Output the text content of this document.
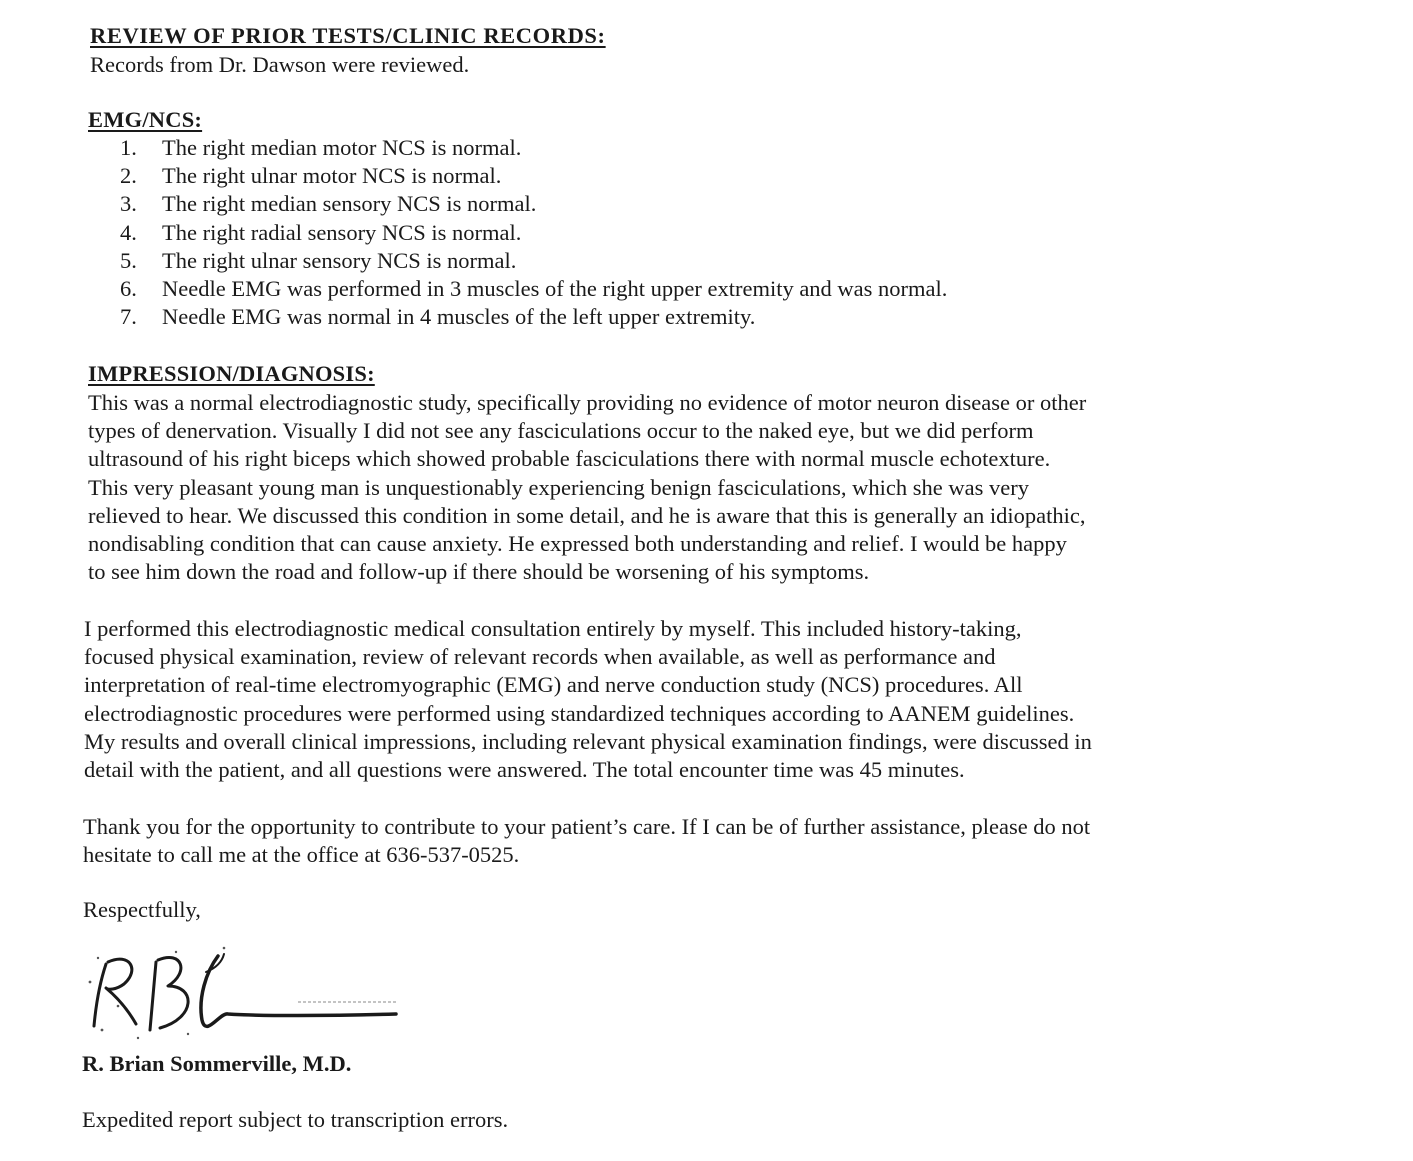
REVIEW OF PRIOR TESTS/CLINIC RECORDS:
Records from Dr. Dawson were reviewed.
EMG/NCS:
1.	The right median motor NCS is normal.
2.	The right ulnar motor NCS is normal.
3.	The right median sensory NCS is normal.
4.	The right radial sensory NCS is normal.
5.	The right ulnar sensory NCS is normal.
6.	Needle EMG was performed in 3 muscles of the right upper extremity and was normal.
7.	Needle EMG was normal in 4 muscles of the left upper extremity.
IMPRESSION/DIAGNOSIS:
This was a normal electrodiagnostic study, specifically providing no evidence of motor neuron disease or other
types of denervation. Visually I did not see any fasciculations occur to the naked eye, but we did perform
ultrasound of his right biceps which showed probable fasciculations there with normal muscle echotexture.
This very pleasant young man is unquestionably experiencing benign fasciculations, which she was very
relieved to hear. We discussed this condition in some detail, and he is aware that this is generally an idiopathic,
nondisabling condition that can cause anxiety. He expressed both understanding and relief. I would be happy
to see him down the road and follow-up if there should be worsening of his symptoms.
I performed this electrodiagnostic medical consultation entirely by myself. This included history-taking,
focused physical examination, review of relevant records when available, as well as performance and
interpretation of real-time electromyographic (EMG) and nerve conduction study (NCS) procedures. All
electrodiagnostic procedures were performed using standardized techniques according to AANEM guidelines.
My results and overall clinical impressions, including relevant physical examination findings, were discussed in
detail with the patient, and all questions were answered. The total encounter time was 45 minutes.
Thank you for the opportunity to contribute to your patient’s care. If I can be of further assistance, please do not
hesitate to call me at the office at 636-537-0525.
Respectfully,
R. Brian Sommerville, M.D.
Expedited report subject to transcription errors.
